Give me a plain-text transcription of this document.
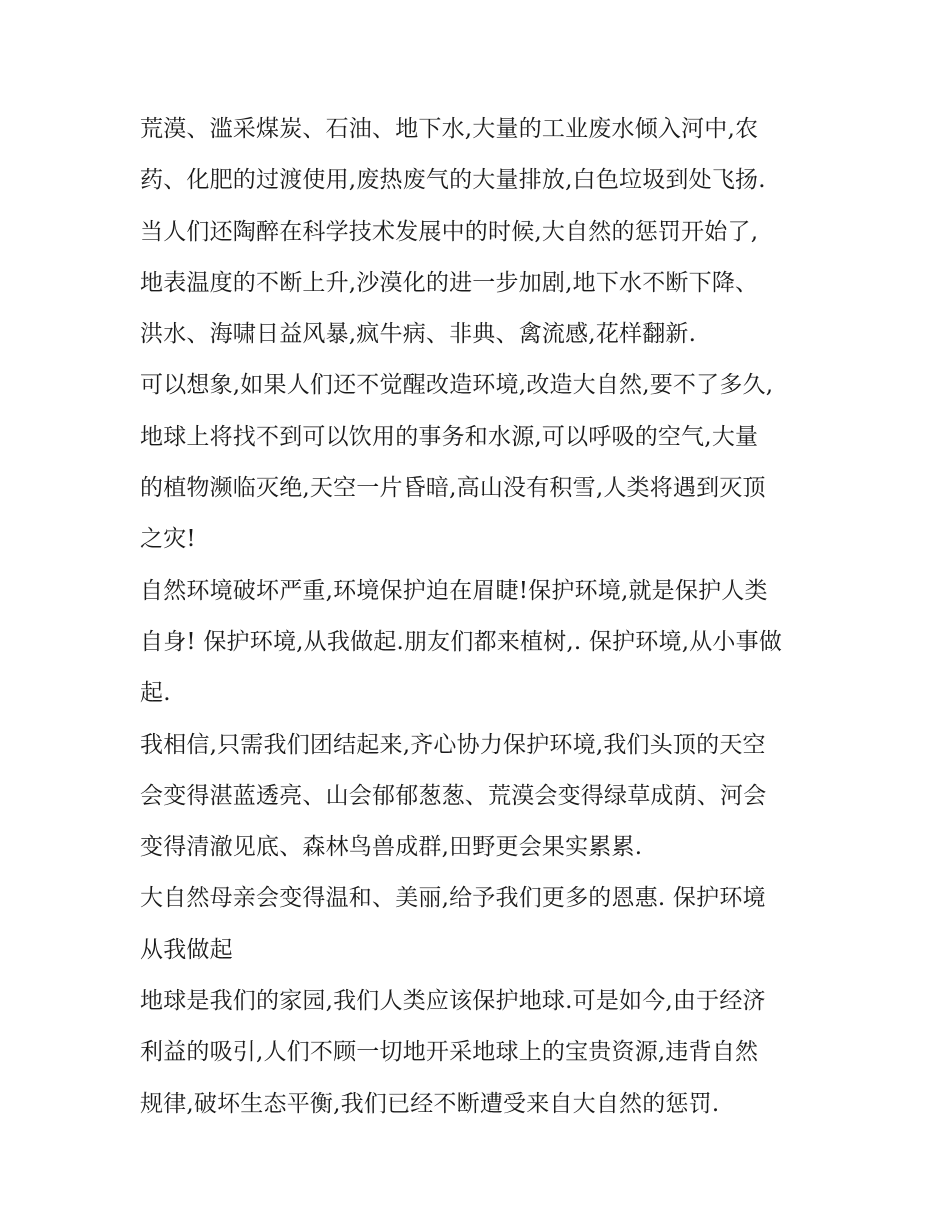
荒漠、滥采煤炭、石油、地下水,大量的工业废水倾入河中,农
药、化肥的过渡使用,废热废气的大量排放,白色垃圾到处飞扬.
当人们还陶醉在科学技术发展中的时候,大自然的惩罚开始了,
地表温度的不断上升,沙漠化的进一步加剧,地下水不断下降、
洪水、海啸日益风暴,疯牛病、非典、禽流感,花样翻新.
可以想象,如果人们还不觉醒改造环境,改造大自然,要不了多久,
地球上将找不到可以饮用的事务和水源,可以呼吸的空气,大量
的植物濒临灭绝,天空一片昏暗,高山没有积雪,人类将遇到灭顶
之灾!
自然环境破坏严重,环境保护迫在眉睫!保护环境,就是保护人类
自身! 保护环境,从我做起.朋友们都来植树,. 保护环境,从小事做
起.
我相信,只需我们团结起来,齐心协力保护环境,我们头顶的天空
会变得湛蓝透亮、山会郁郁葱葱、荒漠会变得绿草成荫、河会
变得清澈见底、森林鸟兽成群,田野更会果实累累.
大自然母亲会变得温和、美丽,给予我们更多的恩惠. 保护环境
从我做起
地球是我们的家园,我们人类应该保护地球.可是如今,由于经济
利益的吸引,人们不顾一切地开采地球上的宝贵资源,违背自然
规律,破坏生态平衡,我们已经不断遭受来自大自然的惩罚.
